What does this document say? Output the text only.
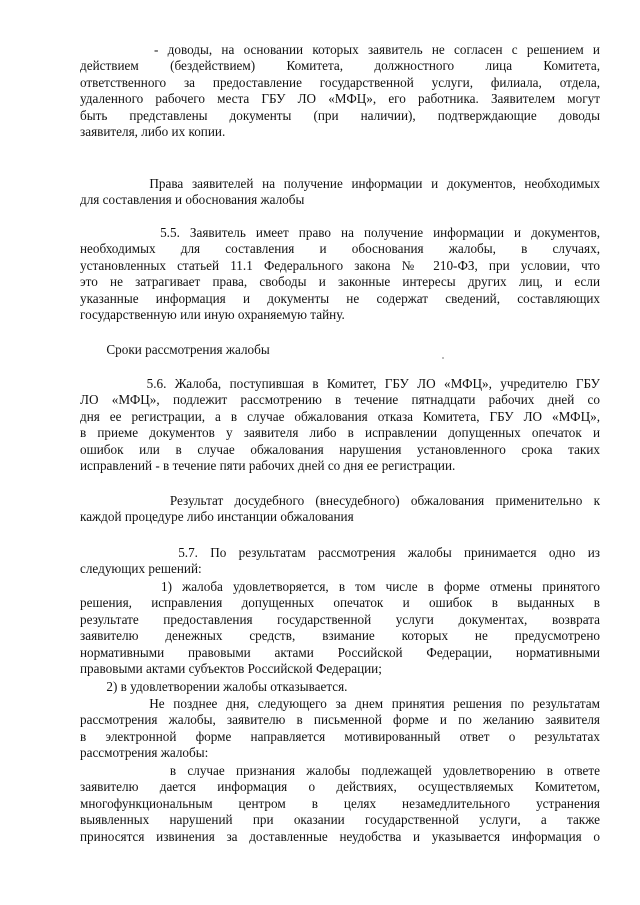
- доводы, на основании которых заявитель не согласен с решением и
действием (бездействием) Комитета, должностного лица Комитета,
ответственного за предоставление государственной услуги, филиала, отдела,
удаленного рабочего места ГБУ ЛО «МФЦ», его работника. Заявителем могут
быть представлены документы (при наличии), подтверждающие доводы
заявителя, либо их копии.
Права заявителей на получение информации и документов, необходимых
для составления и обоснования жалобы
5.5. Заявитель имеет право на получение информации и документов,
необходимых для составления и обоснования жалобы, в случаях,
установленных статьей 11.1 Федерального закона № 210-ФЗ, при условии, что
это не затрагивает права, свободы и законные интересы других лиц, и если
указанные информация и документы не содержат сведений, составляющих
государственную или иную охраняемую тайну.
Сроки рассмотрения жалобы
5.6. Жалоба, поступившая в Комитет, ГБУ ЛО «МФЦ», учредителю ГБУ
ЛО «МФЦ», подлежит рассмотрению в течение пятнадцати рабочих дней со
дня ее регистрации, а в случае обжалования отказа Комитета, ГБУ ЛО «МФЦ»,
в приеме документов у заявителя либо в исправлении допущенных опечаток и
ошибок или в случае обжалования нарушения установленного срока таких
исправлений - в течение пяти рабочих дней со дня ее регистрации.
Результат досудебного (внесудебного) обжалования применительно к
каждой процедуре либо инстанции обжалования
5.7. По результатам рассмотрения жалобы принимается одно из
следующих решений:
1) жалоба удовлетворяется, в том числе в форме отмены принятого
решения, исправления допущенных опечаток и ошибок в выданных в
результате предоставления государственной услуги документах, возврата
заявителю денежных средств, взимание которых не предусмотрено
нормативными правовыми актами Российской Федерации, нормативными
правовыми актами субъектов Российской Федерации;
2) в удовлетворении жалобы отказывается.
Не позднее дня, следующего за днем принятия решения по результатам
рассмотрения жалобы, заявителю в письменной форме и по желанию заявителя
в электронной форме направляется мотивированный ответ о результатах
рассмотрения жалобы:
в случае признания жалобы подлежащей удовлетворению в ответе
заявителю дается информация о действиях, осуществляемых Комитетом,
многофункциональным центром в целях незамедлительного устранения
выявленных нарушений при оказании государственной услуги, а также
приносятся извинения за доставленные неудобства и указывается информация о
